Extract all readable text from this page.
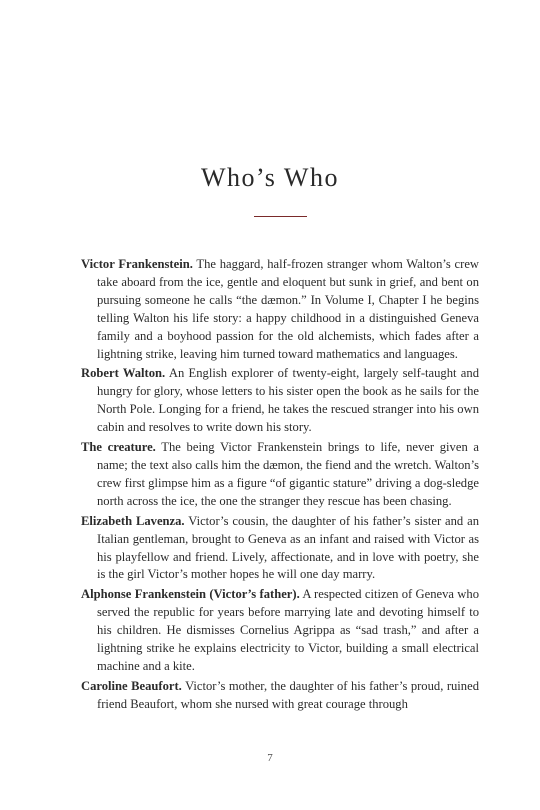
Who’s Who

Victor Frankenstein. The haggard, half-frozen stranger whom Walton’s crew take aboard from the ice, gentle and eloquent but sunk in grief, and bent on pursuing someone he calls “the dæmon.” In Volume I, Chapter I he begins telling Walton his life story: a happy childhood in a distinguished Geneva family and a boyhood passion for the old alchemists, which fades after a lightning strike, leaving him turned toward mathematics and languages.

Robert Walton. An English explorer of twenty-eight, largely self-taught and hungry for glory, whose letters to his sister open the book as he sails for the North Pole. Longing for a friend, he takes the rescued stranger into his own cabin and resolves to write down his story.

The creature. The being Victor Frankenstein brings to life, never given a name; the text also calls him the dæmon, the fiend and the wretch. Walton’s crew first glimpse him as a figure “of gigantic stature” driving a dog-sledge north across the ice, the one the stranger they rescue has been chasing.

Elizabeth Lavenza. Victor’s cousin, the daughter of his father’s sister and an Italian gentleman, brought to Geneva as an infant and raised with Victor as his playfellow and friend. Lively, affectionate, and in love with poetry, she is the girl Victor’s mother hopes he will one day marry.

Alphonse Frankenstein (Victor’s father). A respected citizen of Geneva who served the republic for years before marrying late and devoting himself to his children. He dismisses Cornelius Agrippa as “sad trash,” and after a lightning strike he explains electricity to Victor, building a small electrical machine and a kite.

Caroline Beaufort. Victor’s mother, the daughter of his father’s proud, ruined friend Beaufort, whom she nursed with great courage through

7
